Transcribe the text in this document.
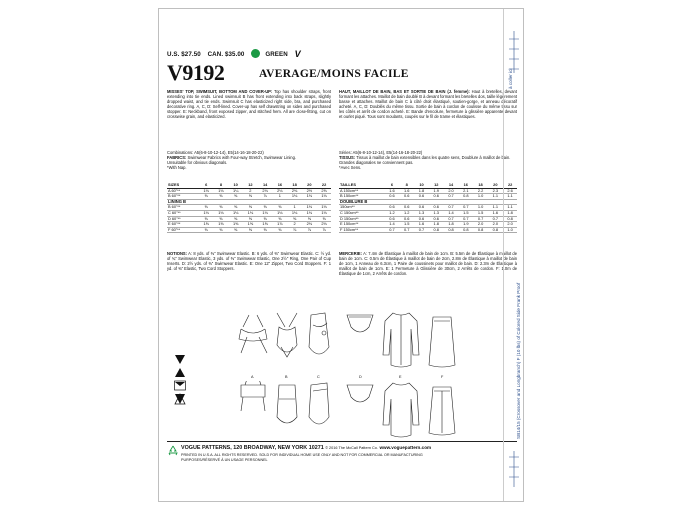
U.S. $27.50 CAN. $35.00	GREEN V
V9192	AVERAGE/MOINS FACILE
MISSES' TOP, SWIMSUIT, BOTTOM AND COVER-UP: Top has shoulder straps, front extending into tie ends. Lined swimsuit B has front extending into back straps, slightly dropped waist, and tie ends. Swimsuit C has elasticized right side, bra, and purchased decorative ring. A, C, D: Self-lined. Cover-up has self drawstring on sides and purchased stopper. E: Neckband, front exposed zipper, and stitched hem. All are close-fitting, cut on crosswise grain, and elasticized.
HAUT, MAILLOT DE BAIN, BAS ET SORTIE DE BAIN (J. femme): Haut à bretelles, devant formant les attaches. Maillot de bain doublé B à devant formant les bretelles dos, taille légèrement basse et attaches. Maillot de bain C à côté droit élastiqué, soutien-gorge, et anneau décoratif acheté. A, C, D: Doublés du même tissu. Sortie de bain à cordon de coulisse du même tissu sur les côtés et arrêt de cordon acheté. E: Bande d'encolure, fermeture à glissière apparente devant et ourlet piqué. Tous sont moulants, coupés sur le fil de trame et élastiques.
Combinations: A5(6-8-10-12-14), E5(14-16-18-20-22)
FABRICS: Swimwear Fabrics with Four-way Stretch, Swimwear Lining.
Unsuitable for obvious diagonals.
*With Nap.
Séries: A5(6-8-10-12-14), E5(14-16-18-20-22)
TISSUS: Tissus à maillot de bain extensibles dans les quatre sens, Doublure à maillot de bain.
Grandes diagonales ne conviennent pas.
*Avec Sens.
SIZES	6	8	10	12	14	16	18	20	22
A 60"**	1⅛	1⅛	1¼	2	2⅛	2⅛	2⅜	2½	2⅝
B 60"**	⅝	⅝	⅝	⅝	⅞	1	1⅛	1⅛	1⅛
LINING B									
B 60"**	⅝	⅝	⅝	⅝	⅝	⅝	1	1⅛	1⅛
C 60"**	1⅛	1⅛	1⅛	1⅛	1⅛	1⅛	1⅛	1⅛	1⅛
D 60"**	⅝	⅝	⅝	⅝	⅝	⅝	⅝	⅝	⅝
E 60"**	1⅝	1⅝	1⅝	1⅝	1⅝	1⅞	2	2⅛	2⅛
F 60"**	⅝	⅝	⅝	⅝	⅝	⅝	⅞	⅞	⅞
TAILLES	6	8	10	12	14	16	18	20	22
A 150cm**	1.6	1.6	1.8	1.9	2.0	2.1	2.2	2.3	2.6
B 150cm**	0.6	0.6	0.6	0.6	0.7	0.8	1.0	1.1	1.1
DOUBLURE B									
150cm**	0.6	0.6	0.6	0.6	0.7	0.7	1.0	1.1	1.1
C 150cm**	1.2	1.2	1.3	1.3	1.4	1.5	1.5	1.6	1.8
D 150cm**	0.6	0.6	0.6	0.6	0.7	0.7	0.7	0.7	0.8
E 150cm**	1.4	1.5	1.6	1.8	1.8	1.9	2.0	2.0	2.0
F 150cm**	0.7	0.7	0.7	0.8	0.8	0.8	0.8	0.8	1.0
NOTIONS: A: 8 yds. of ⅜" Swimwear Elastic. B: 6 yds. of ⅜" Swimwear Elastic. C: ½ yd. of ¾" Swimwear Elastic, 3 yds. of ⅜" Swimwear Elastic, One 2½" Ring, One Pair of Cup Inserts. D: 2½ yds. of ⅜" Swimwear Elastic. E: One 12" Zipper, Two Cord Stoppers. F: 1 yd. of ⅜" Elastic, Two Cord Stoppers.
MERCERIE: A: 7.4m de Élastique à maillot de bain de 1cm. B: 5.5m de de Élastique à maillot de bain de 1cm. C: 0.5m de Élastique à maillot de bain de 2cm, 2.8m de Élastique à maillot de bain de 1cm, 1 Anneau de 6.3cm, 1 Paire de coussinets pour maillot de bain. D: 2.3m de Élastique à maillot de bain de 1cm. E: 1 Fermeture à Glissière de 30cm, 2 Arrêts de cordon. F: 1.0m de Élastique de 1cm, 2 Arrêts de cordon.
A	B	C	D	E	F
VOGUE PATTERNS, 120 BROADWAY, NEW YORK 10271 © 2016 The McCall Pattern Co. www.voguepattern.com
PRINTED IN U.S.A. ALL RIGHTS RESERVED. SOLD FOR INDIVIDUAL HOME USE ONLY AND NOT FOR COMMERCIAL OR MANUFACTURING
PURPOSES/RÉSERVÉ À UN USAGE PERSONNEL
à coller ici
SB14/15 (Crossover and Longbranch) F (10 lbs) of Colored Side Frank Proof
